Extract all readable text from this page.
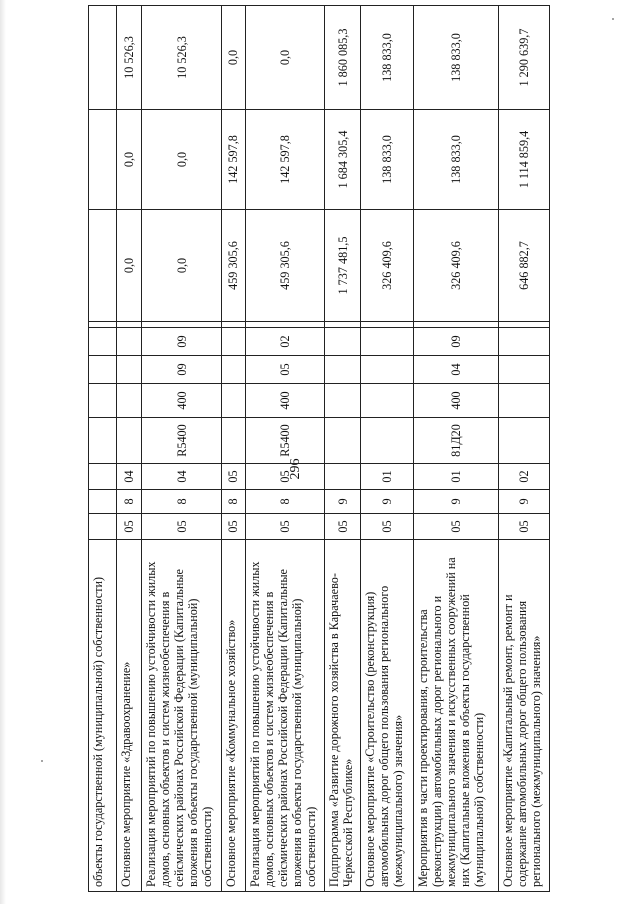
296
объекты государственной (муниципальной) собственности)											
Основное мероприятие «Здравоохранение»	05	8	04						0,0	0,0	10 526,3
Реализация мероприятий по повышению устойчивости жилых домов, основных объектов и систем жизнеобеспечения в сейсмических районах Российской Федерации (Капитальные вложения в объекты государственной (муниципальной) собственности)	05	8	04	R5400	400	09	09		0,0	0,0	10 526,3
Основное мероприятие «Коммунальное хозяйство»	05	8	05						459 305,6	142 597,8	0,0
Реализация мероприятий по повышению устойчивости жилых домов, основных объектов и систем жизнеобеспечения в сейсмических районах Российской Федерации (Капитальные вложения в объекты государственной (муниципальной) собственности)	05	8	05	R5400	400	05	02		459 305,6	142 597,8	0,0
Подпрограмма «Развитие дорожного хозяйства в Карачаево-Черкесской Республике»	05	9							1 737 481,5	1 684 305,4	1 860 085,3
Основное мероприятие «Строительство (реконструкция) автомобильных дорог общего пользования регионального (межмуниципального) значения»	05	9	01						326 409,6	138 833,0	138 833,0
Мероприятия в части проектирования, строительства (реконструкции) автомобильных дорог регионального и межмуниципального значения и искусственных сооружений на них (Капитальные вложения в объекты государственной (муниципальной) собственности)	05	9	01	81Д20	400	04	09		326 409,6	138 833,0	138 833,0
Основное мероприятие «Капитальный ремонт, ремонт и содержание автомобильных дорог общего пользования регионального (межмуниципального) значения»	05	9	02						646 882,7	1 114 859,4	1 290 639,7
